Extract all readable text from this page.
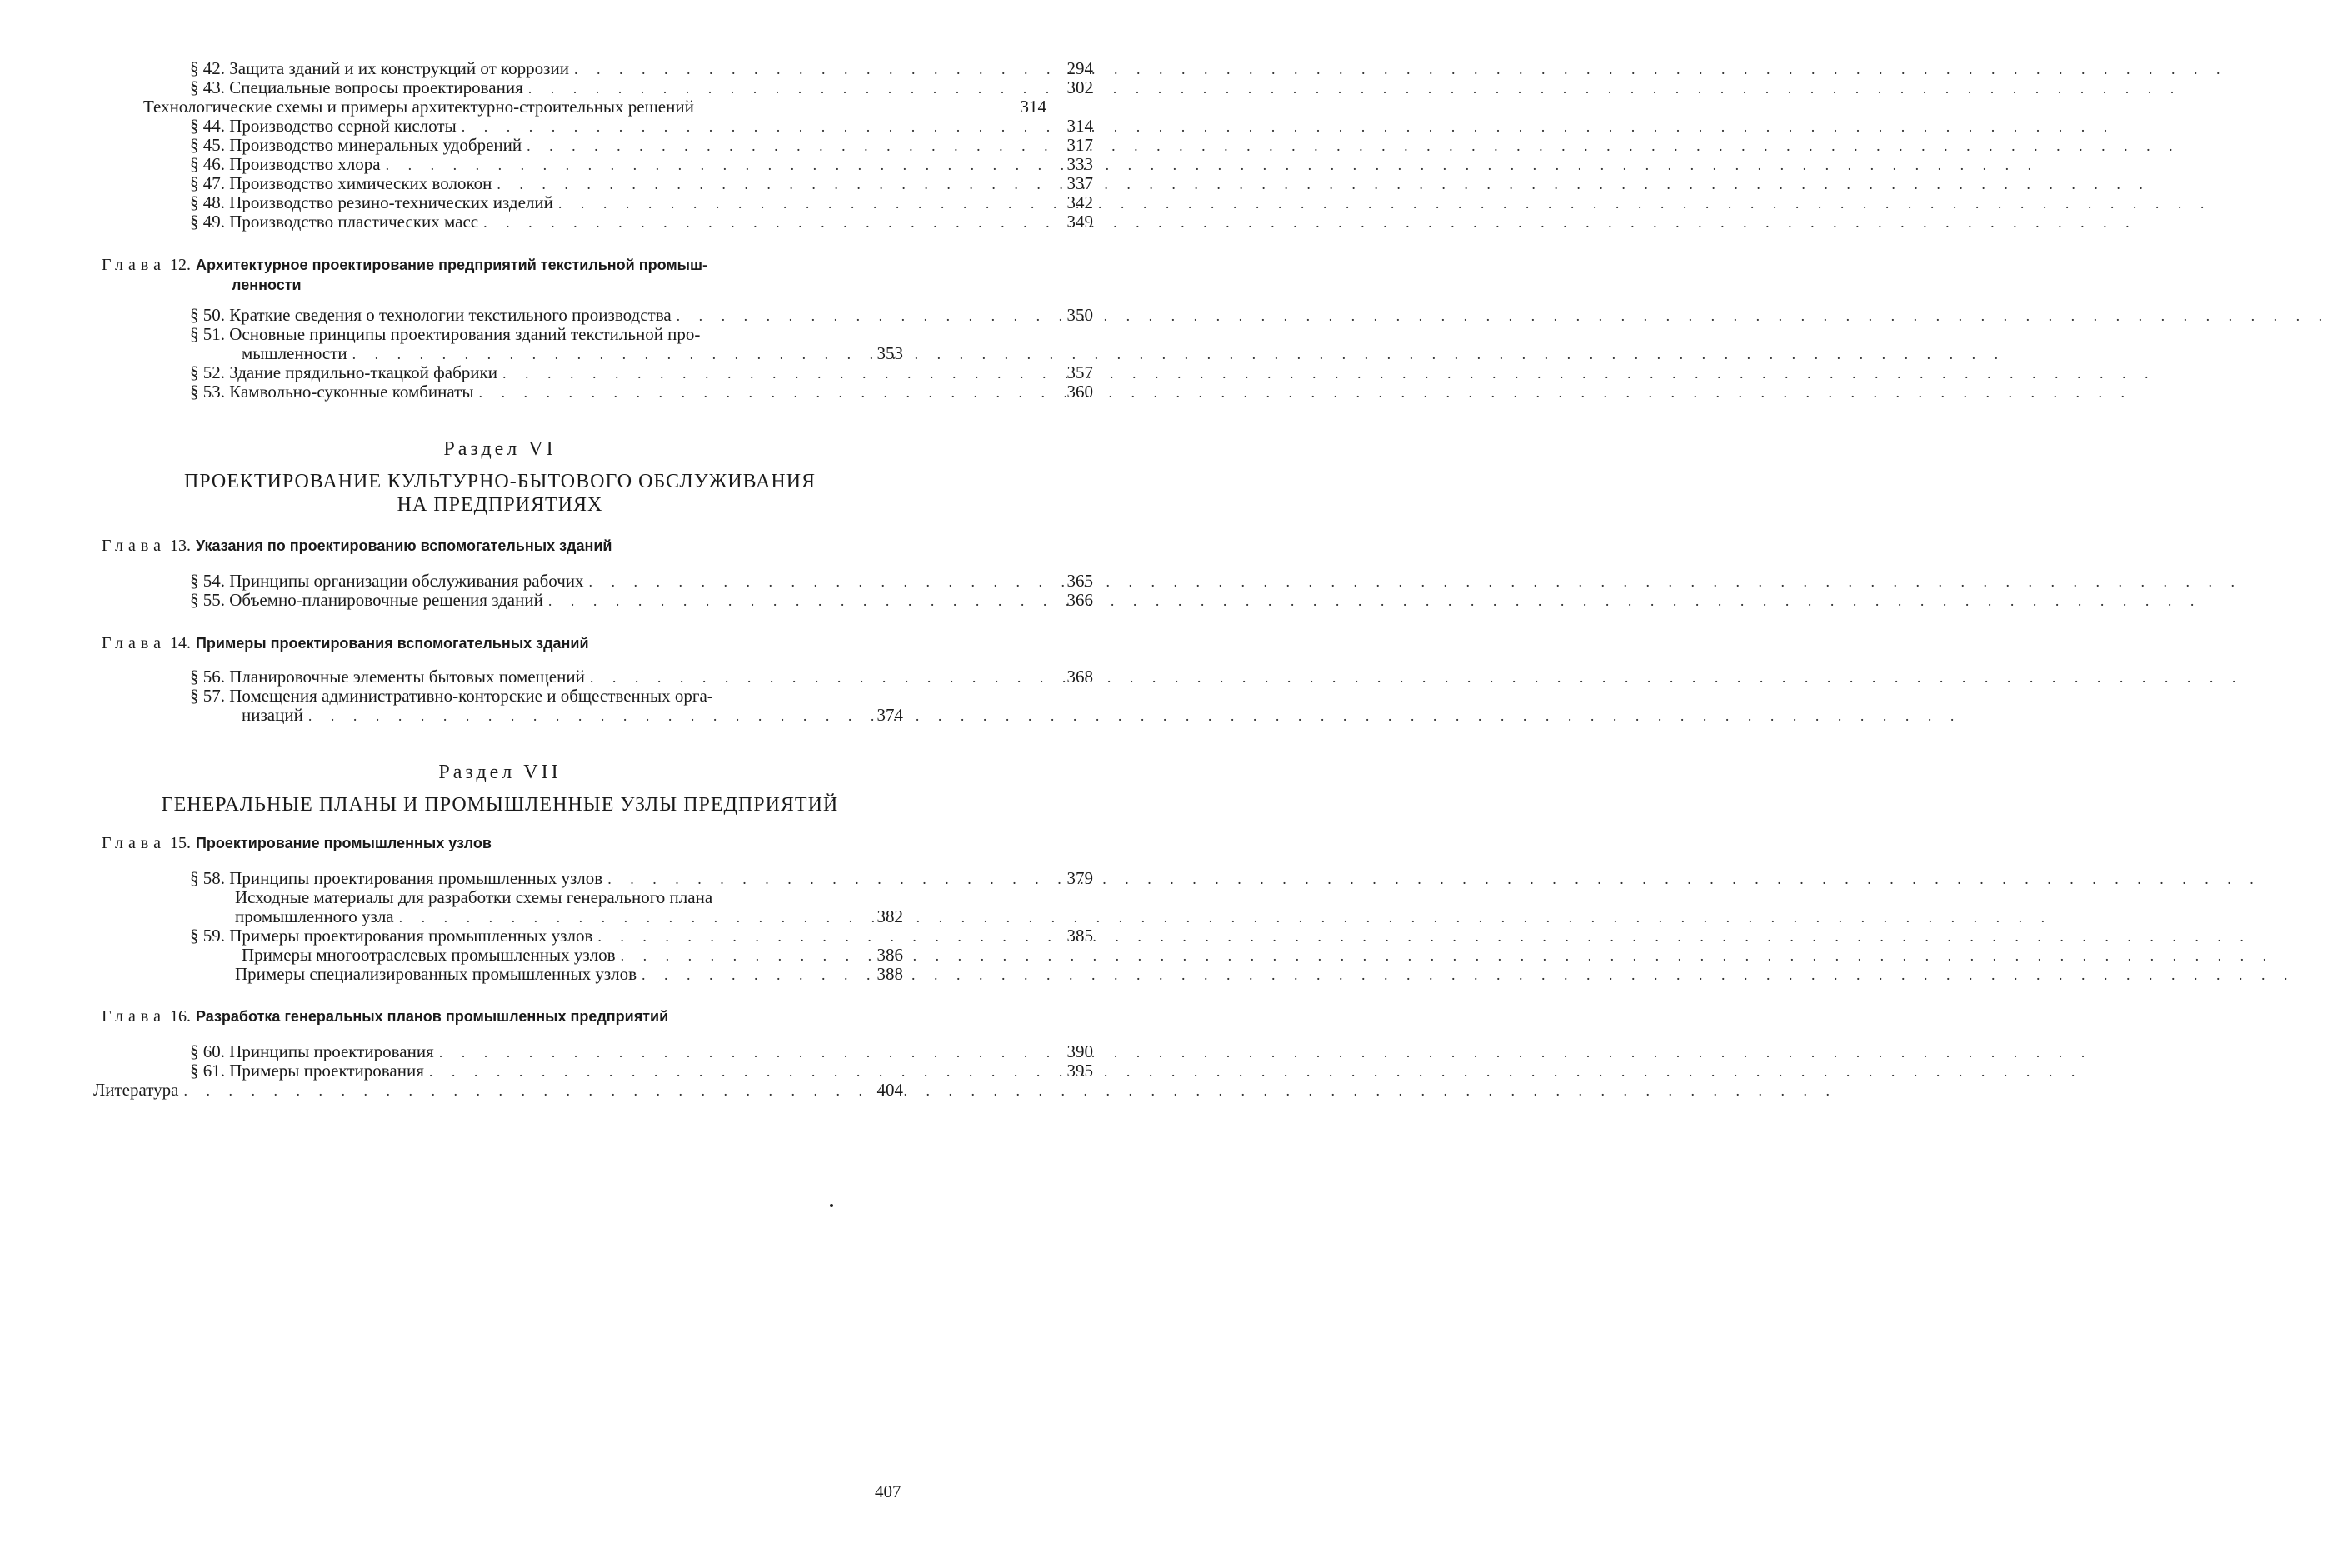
§ 42. Защита зданий и их конструкций от коррозии . . .	294
§ 43. Специальные вопросы проектирования . . .	302
Технологические схемы и примеры архитектурно-строительных решений	314
§ 44. Производство серной кислоты . . .	314
§ 45. Производство минеральных удобрений . . .	317
§ 46. Производство хлора . . .	333
§ 47. Производство химических волокон . . .	337
§ 48. Производство резино-технических изделий . . .	342
§ 49. Производство пластических масс . . .	349
Глава 12. Архитектурное проектирование предприятий текстильной промыш-
ленности
§ 50. Краткие сведения о технологии текстильного производства . . .	350
§ 51. Основные принципы проектирования зданий текстильной про-
мышленности . . .	353
§ 52. Здание прядильно-ткацкой фабрики . . .	357
§ 53. Камвольно-суконные комбинаты . . .	360
Раздел VI
ПРОЕКТИРОВАНИЕ КУЛЬТУРНО-БЫТОВОГО ОБСЛУЖИВАНИЯ
НА ПРЕДПРИЯТИЯХ
Глава 13. Указания по проектированию вспомогательных зданий
§ 54. Принципы организации обслуживания рабочих . . .	365
§ 55. Объемно-планировочные решения зданий . . .	366
Глава 14. Примеры проектирования вспомогательных зданий
§ 56. Планировочные элементы бытовых помещений . . .	368
§ 57. Помещения административно-конторские и общественных орга-
низаций . . .	374
Раздел VII
ГЕНЕРАЛЬНЫЕ ПЛАНЫ И ПРОМЫШЛЕННЫЕ УЗЛЫ ПРЕДПРИЯТИЙ
Глава 15. Проектирование промышленных узлов
§ 58. Принципы проектирования промышленных узлов . . .	379
Исходные материалы для разработки схемы генерального плана
промышленного узла . . .	382
§ 59. Примеры проектирования промышленных узлов . . .	385
Примеры многоотраслевых промышленных узлов . . .	386
Примеры специализированных промышленных узлов . . .	388
Глава 16. Разработка генеральных планов промышленных предприятий
§ 60. Принципы проектирования . . .	390
§ 61. Примеры проектирования . . .	395
Литература . . .	404
407
